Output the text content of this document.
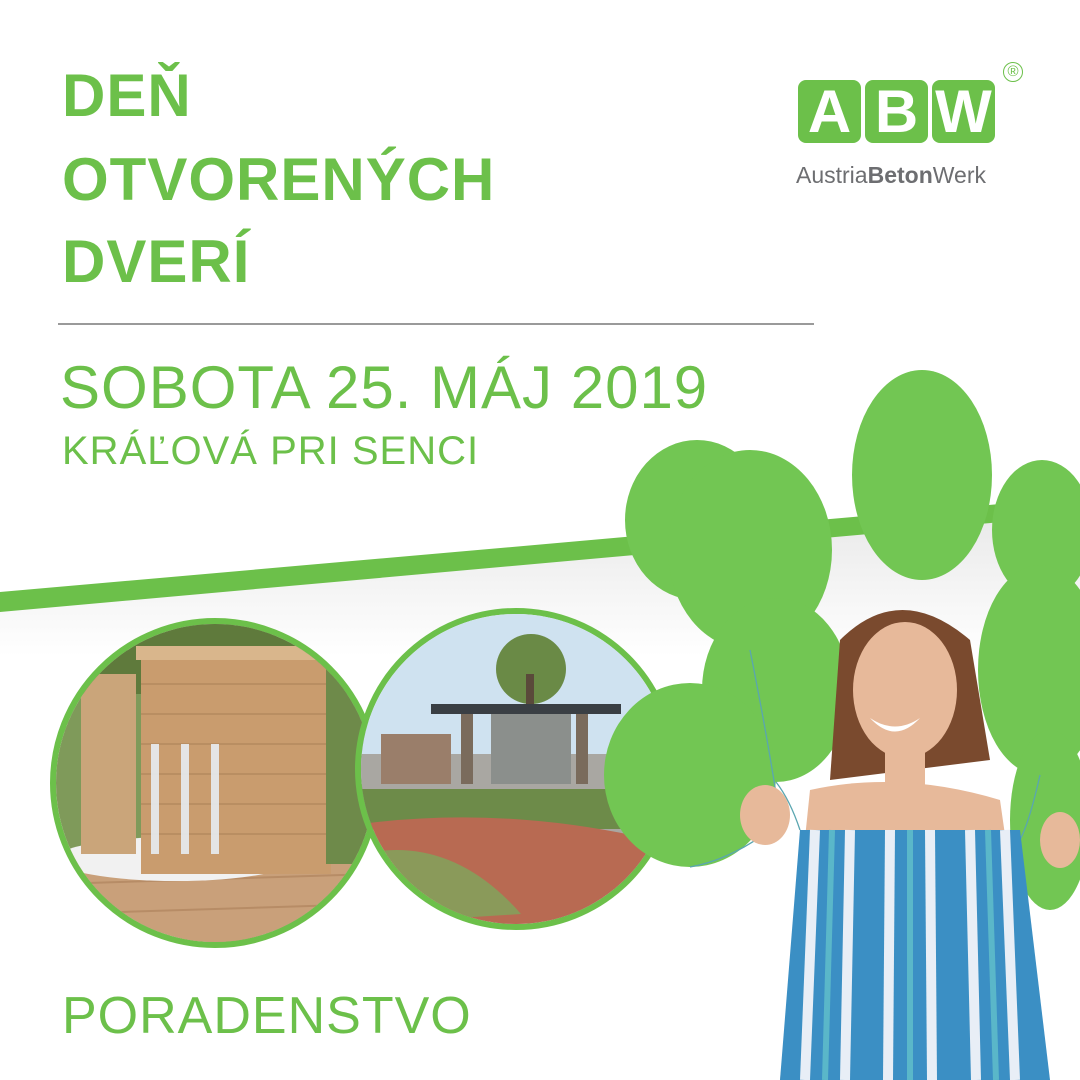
DEŇ
OTVORENÝCH
DVERÍ
SOBOTA 25. MÁJ 2019
KRÁĽOVÁ PRI SENCI
A B W
®
AustriaBetonWerk
PORADENSTVO
